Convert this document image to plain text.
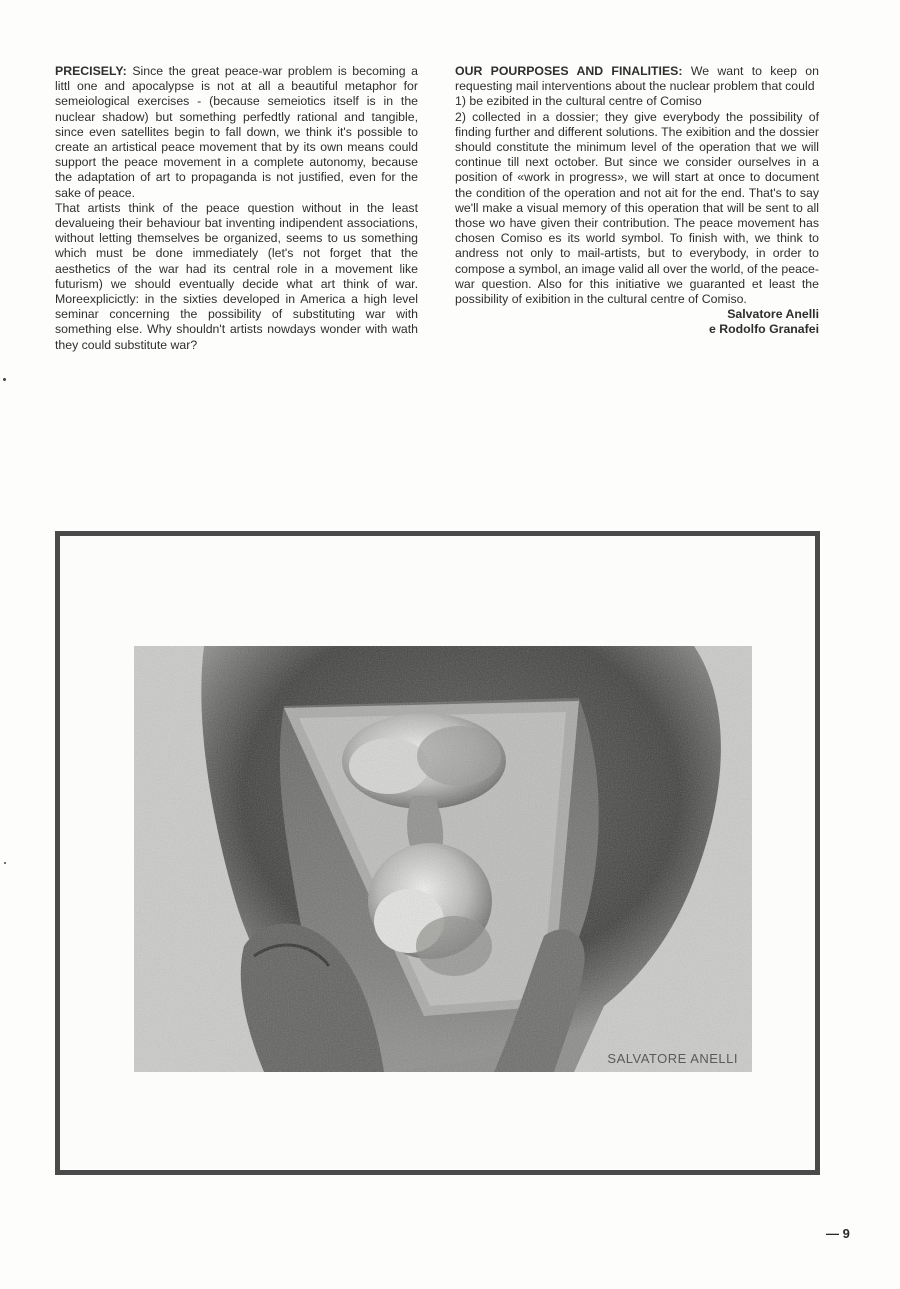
PRECISELY: Since the great peace-war problem is becoming a littl one and apocalypse is not at all a beautiful metaphor for semeiological exercises - (because semeiotics itself is in the nuclear shadow) but something perfedtly rational and tangible, since even satellites begin to fall down, we think it's possible to create an artistical peace movement that by its own means could support the peace movement in a complete autonomy, because the adaptation of art to propaganda is not justified, even for the sake of peace.

That artists think of the peace question without in the least devalueing their behaviour bat inventing indipendent associations, without letting themselves be organized, seems to us something which must be done immediately (let's not forget that the aesthetics of the war had its central role in a movement like futurism) we should eventually decide what art think of war. Moreexplicictly: in the sixties developed in America a high level seminar concerning the possibility of substituting war with something else. Why shouldn't artists nowdays wonder with wath they could substitute war?

OUR POURPOSES AND FINALITIES: We want to keep on requesting mail interventions about the nuclear problem that could

1) be ezibited in the cultural centre of Comiso

2) collected in a dossier; they give everybody the possibility of finding further and different solutions. The exibition and the dossier should constitute the minimum level of the operation that we will continue till next october. But since we consider ourselves in a position of «work in progress», we will start at once to document the condition of the operation and not ait for the end. That's to say we'll make a visual memory of this operation that will be sent to all those wo have given their contribution. The peace movement has chosen Comiso es its world symbol. To finish with, we think to andress not only to mail-artists, but to everybody, in order to compose a symbol, an image valid all over the world, of the peace-war question. Also for this initiative we guaranted et least the possibility of exibition in the cultural centre of Comiso.

Salvatore Anelli

e Rodolfo Granafei

SALVATORE ANELLI
— 9
